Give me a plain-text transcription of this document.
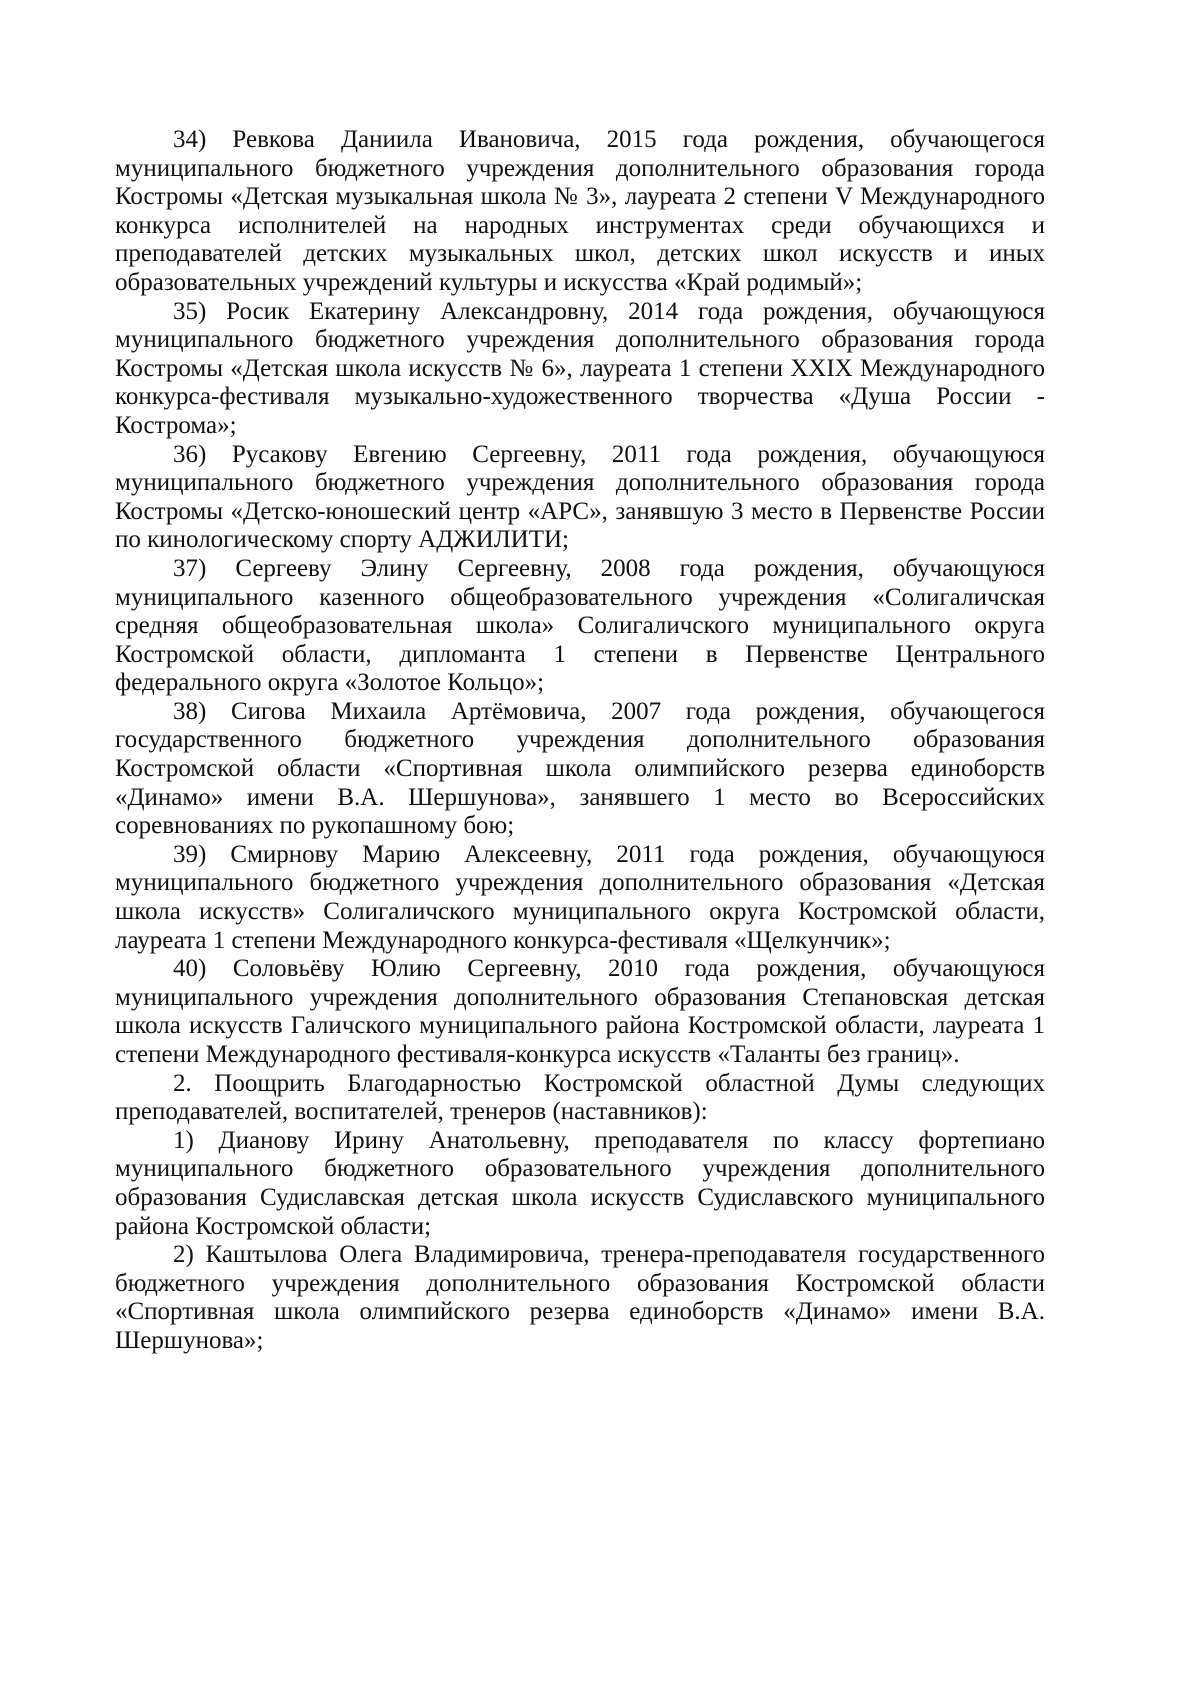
34) Ревкова Даниила Ивановича, 2015 года рождения, обучающегося муниципального бюджетного учреждения дополнительного образования города Костромы «Детская музыкальная школа № 3», лауреата 2 степени V Международного конкурса исполнителей на народных инструментах среди обучающихся и преподавателей детских музыкальных школ, детских школ искусств и иных образовательных учреждений культуры и искусства «Край родимый»;

35) Росик Екатерину Александровну, 2014 года рождения, обучающуюся муниципального бюджетного учреждения дополнительного образования города Костромы «Детская школа искусств № 6», лауреата 1 степени XXIX Международного конкурса-фестиваля музыкально-художественного творчества «Душа России - Кострома»;

36) Русакову Евгению Сергеевну, 2011 года рождения, обучающуюся муниципального бюджетного учреждения дополнительного образования города Костромы «Детско-юношеский центр «АРС», занявшую 3 место в Первенстве России по кинологическому спорту АДЖИЛИТИ;

37) Сергееву Элину Сергеевну, 2008 года рождения, обучающуюся муниципального казенного общеобразовательного учреждения «Солигаличская средняя общеобразовательная школа» Солигаличского муниципального округа Костромской области, дипломанта 1 степени в Первенстве Центрального федерального округа «Золотое Кольцо»;

38) Сигова Михаила Артёмовича, 2007 года рождения, обучающегося государственного бюджетного учреждения дополнительного образования Костромской области «Спортивная школа олимпийского резерва единоборств «Динамо» имени В.А. Шершунова», занявшего 1 место во Всероссийских соревнованиях по рукопашному бою;

39) Смирнову Марию Алексеевну, 2011 года рождения, обучающуюся муниципального бюджетного учреждения дополнительного образования «Детская школа искусств» Солигаличского муниципального округа Костромской области, лауреата 1 степени Международного конкурса-фестиваля «Щелкунчик»;

40) Соловьёву Юлию Сергеевну, 2010 года рождения, обучающуюся муниципального учреждения дополнительного образования Степановская детская школа искусств Галичского муниципального района Костромской области, лауреата 1 степени Международного фестиваля-конкурса искусств «Таланты без границ».

2. Поощрить Благодарностью Костромской областной Думы следующих преподавателей, воспитателей, тренеров (наставников):

1) Дианову Ирину Анатольевну, преподавателя по классу фортепиано муниципального бюджетного образовательного учреждения дополнительного образования Судиславская детская школа искусств Судиславского муниципального района Костромской области;

2) Каштылова Олега Владимировича, тренера-преподавателя государственного бюджетного учреждения дополнительного образования Костромской области «Спортивная школа олимпийского резерва единоборств «Динамо» имени В.А. Шершунова»;
